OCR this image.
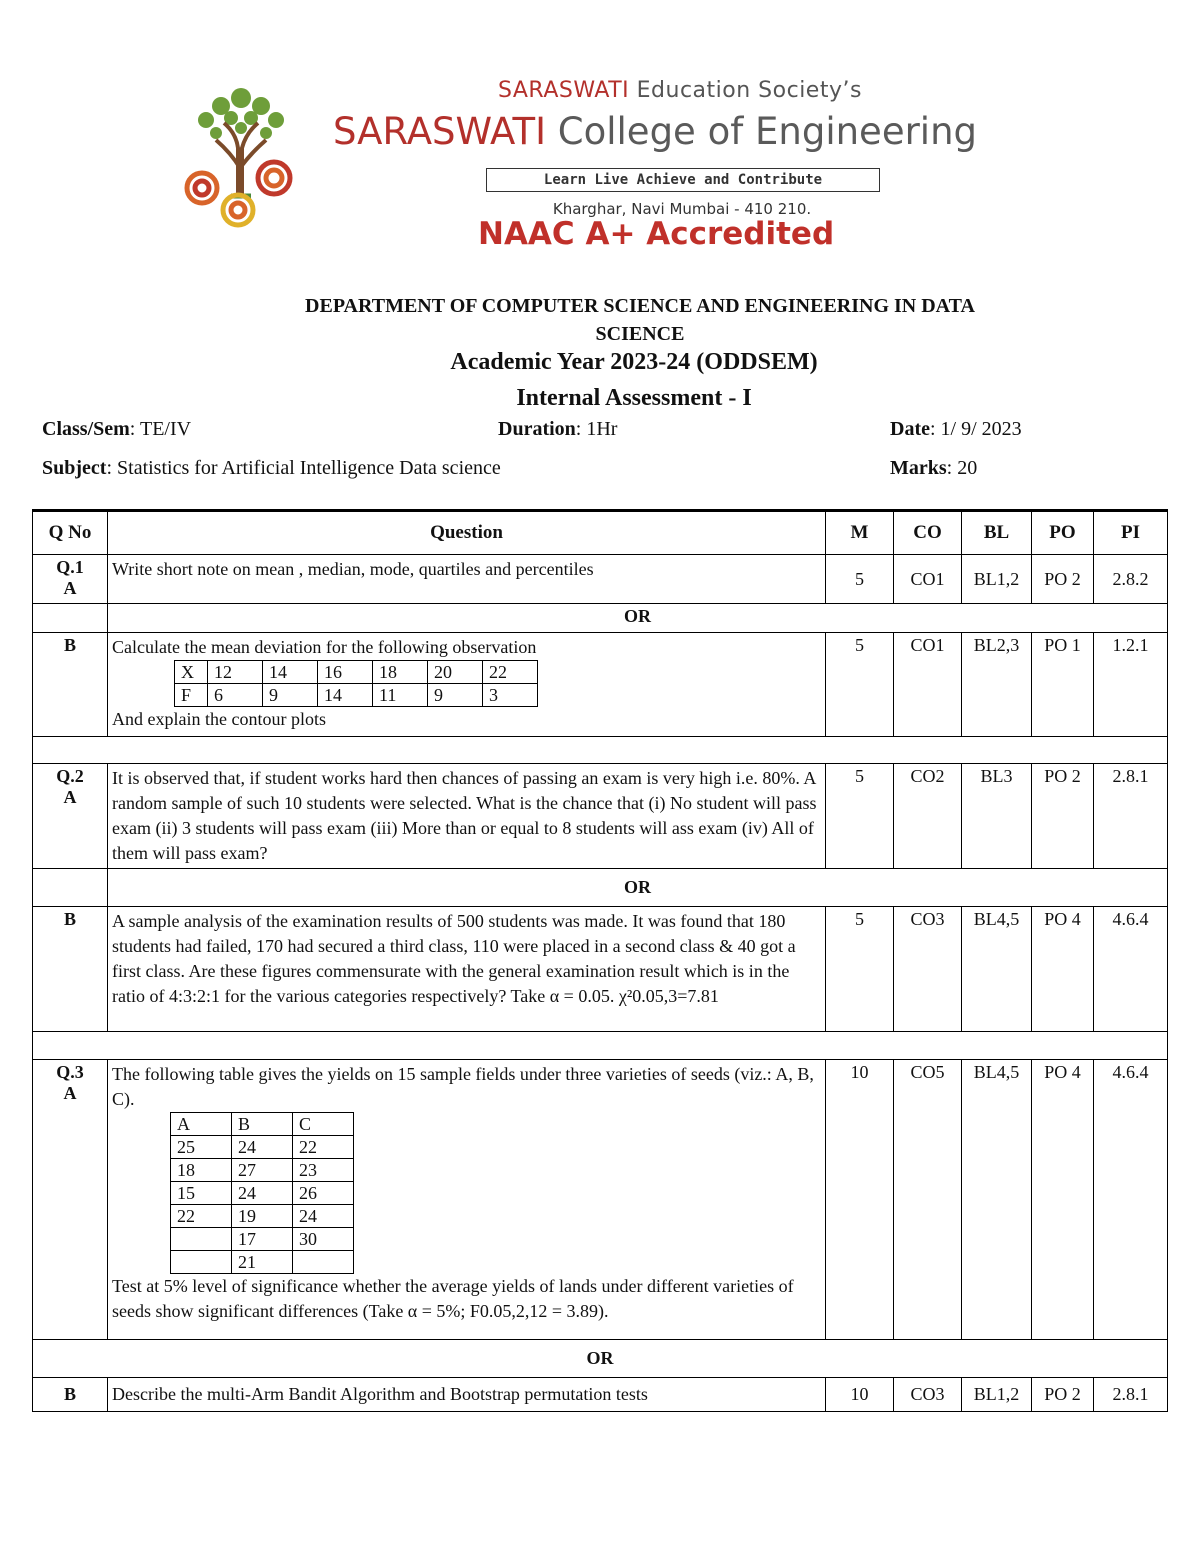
SARASWATI Education Society’s
SARASWATI College of Engineering
Learn Live Achieve and Contribute
Kharghar, Navi Mumbai - 410 210.
NAAC A+ Accredited
DEPARTMENT OF COMPUTER SCIENCE AND ENGINEERING IN DATA SCIENCE
Academic Year 2023-24 (ODDSEM)
Internal Assessment - I
Class/Sem: TE/IV	Duration: 1Hr	Date: 1/ 9/ 2023
Subject: Statistics for Artificial Intelligence Data science	Marks: 20
Q No	Question	M	CO	BL	PO	PI
Q.1
A	Write short note on mean , median, mode, quartiles and percentiles	5	CO1	BL1,2	PO 2	2.8.2
	OR
B	Calculate the mean deviation for the following observation
X	12	14	16	18	20	22
F	6	9	14	11	9	3
And explain the contour plots
	5	CO1	BL2,3	PO 1	1.2.1

Q.2
A	It is observed that, if student works hard then chances of passing an exam is very high i.e. 80%. A random sample of such 10 students were selected. What is the chance that (i) No student will pass exam (ii) 3 students will pass exam (iii) More than or equal to 8 students will ass exam (iv) All of them will pass exam?	5	CO2	BL3	PO 2	2.8.1
	OR
B	A sample analysis of the examination results of 500 students was made. It was found that 180 students had failed, 170 had secured a third class, 110 were placed in a second class & 40 got a first class. Are these figures commensurate with the general examination result which is in the ratio of 4:3:2:1 for the various categories respectively? Take α = 0.05. χ²0.05,3=7.81	5	CO3	BL4,5	PO 4	4.6.4

Q.3
A	
The following table gives the yields on 15 sample fields under three varieties of seeds (viz.: A, B, C).
A	B	C
25	24	22
18	27	23
15	24	26
22	19	24
	17	30
	21	
Test at 5% level of significance whether the average yields of lands under different varieties of seeds show significant differences (Take α = 5%; F0.05,2,12 = 3.89).
	10	CO5	BL4,5	PO 4	4.6.4
OR
B	Describe the multi-Arm Bandit Algorithm and Bootstrap permutation tests	10	CO3	BL1,2	PO 2	2.8.1
